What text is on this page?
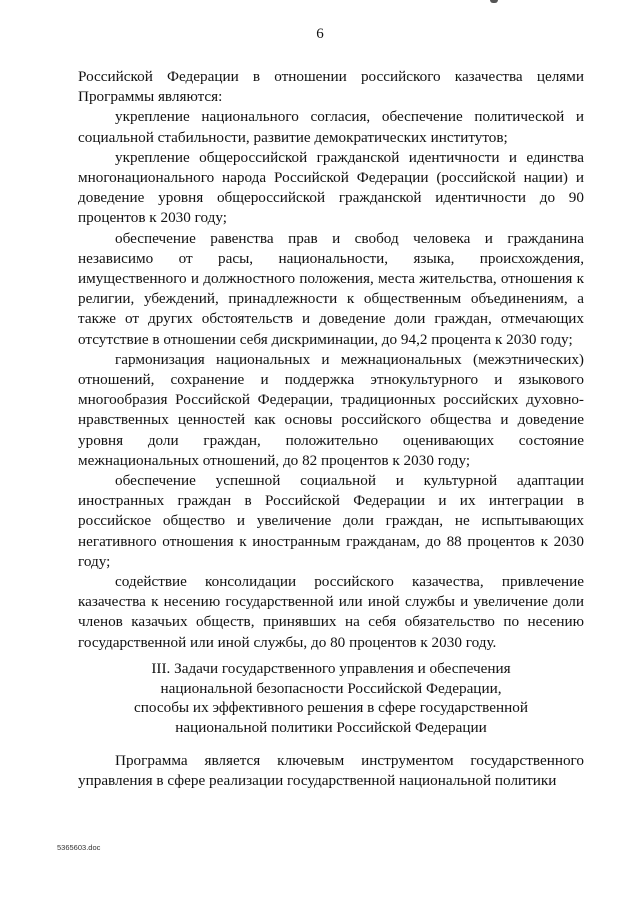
6

Российской Федерации в отношении российского казачества целями Программы являются:

укрепление национального согласия, обеспечение политической и социальной стабильности, развитие демократических институтов;

укрепление общероссийской гражданской идентичности и единства многонационального народа Российской Федерации (российской нации) и доведение уровня общероссийской гражданской идентичности до 90 процентов к 2030 году;

обеспечение равенства прав и свобод человека и гражданина независимо от расы, национальности, языка, происхождения, имущественного и должностного положения, места жительства, отношения к религии, убеждений, принадлежности к общественным объединениям, а также от других обстоятельств и доведение доли граждан, отмечающих отсутствие в отношении себя дискриминации, до 94,2 процента к 2030 году;

гармонизация национальных и межнациональных (межэтнических) отношений, сохранение и поддержка этнокультурного и языкового многообразия Российской Федерации, традиционных российских духовно-нравственных ценностей как основы российского общества и доведение уровня доли граждан, положительно оценивающих состояние межнациональных отношений, до 82 процентов к 2030 году;

обеспечение успешной социальной и культурной адаптации иностранных граждан в Российской Федерации и их интеграции в российское общество и увеличение доли граждан, не испытывающих негативного отношения к иностранным гражданам, до 88 процентов к 2030 году;

содействие консолидации российского казачества, привлечение казачества к несению государственной или иной службы и увеличение доли членов казачьих обществ, принявших на себя обязательство по несению государственной или иной службы, до 80 процентов к 2030 году.

III. Задачи государственного управления и обеспечения
национальной безопасности Российской Федерации,
способы их эффективного решения в сфере государственной
национальной политики Российской Федерации

Программа является ключевым инструментом государственного управления в сфере реализации государственной национальной политики

5365603.doc
